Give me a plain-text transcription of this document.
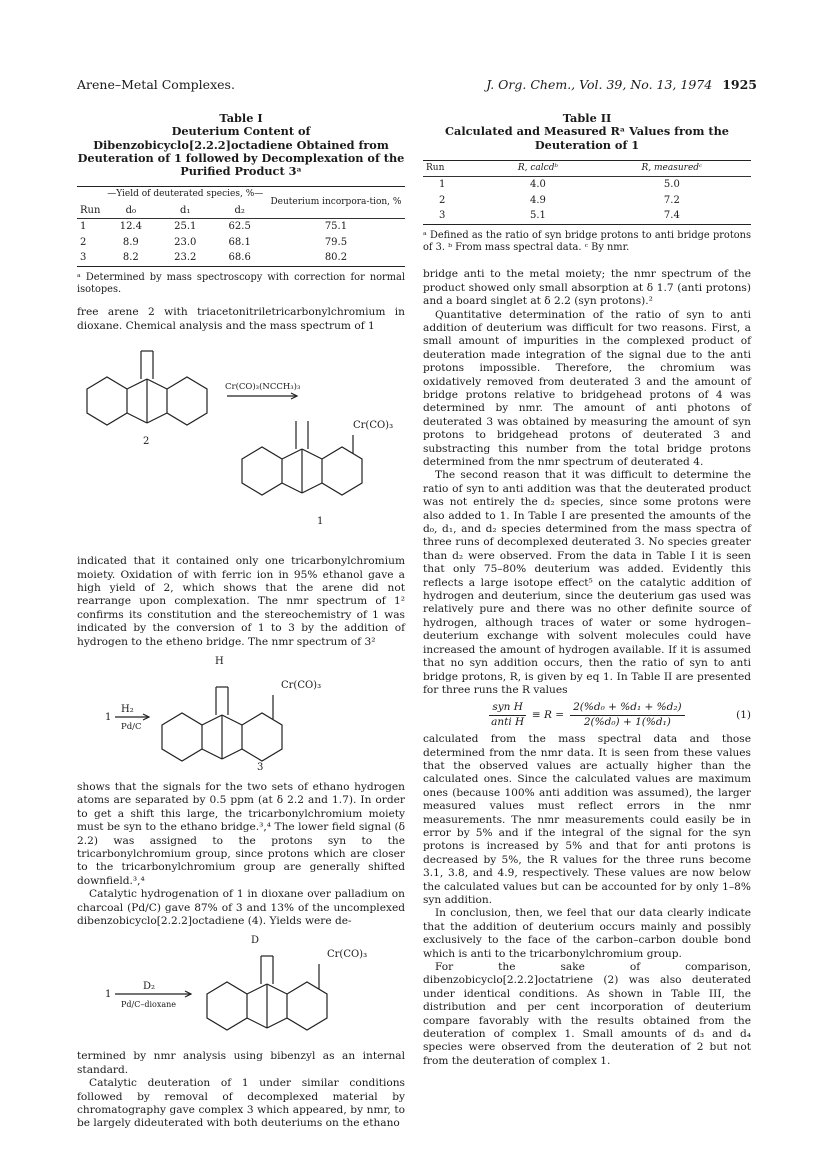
Arene–Metal Complexes.	J. Org. Chem., Vol. 39, No. 13, 1974 1925
Table I
Deuterium Content of Dibenzobicyclo[2.2.2]octadiene Obtained from Deuteration of 1 followed by Decomplexation of the Purified Product 3ᵃ
	—Yield of deuterated species, %—			Deuterium incorpora-tion, %
Run	d₀	d₁	d₂	
1	12.4	25.1	62.5	75.1
2	8.9	23.0	68.1	79.5
3	8.2	23.2	68.6	80.2
ᵃ Determined by mass spectroscopy with correction for normal isotopes.

free arene 2 with triacetonitriletricarbonylchromium in dioxane. Chemical analysis and the mass spectrum of 1

Cr(CO)₃(NCCH₃)₃
Cr(CO)₃
2
1

indicated that it contained only one tricarbonylchromium moiety. Oxidation of with ferric ion in 95% ethanol gave a high yield of 2, which shows that the arene did not rearrange upon complexation. The nmr spectrum of 1² confirms its constitution and the stereochemistry of 1 was indicated by the conversion of 1 to 3 by the addition of hydrogen to the etheno bridge. The nmr spectrum of 3²

H
Cr(CO)₃
H₂
Pd/C
1
3

shows that the signals for the two sets of ethano hydrogen atoms are separated by 0.5 ppm (at δ 2.2 and 1.7). In order to get a shift this large, the tricarbonylchromium moiety must be syn to the ethano bridge.³,⁴ The lower field signal (δ 2.2) was assigned to the protons syn to the tricarbonylchromium group, since protons which are closer to the tricarbonylchromium group are generally shifted downfield.³,⁴

Catalytic hydrogenation of 1 in dioxane over palladium on charcoal (Pd/C) gave 87% of 3 and 13% of the uncomplexed dibenzobicyclo[2.2.2]octadiene (4). Yields were de-

D
Cr(CO)₃
D₂
Pd/C–dioxane
1

termined by nmr analysis using bibenzyl as an internal standard.

Catalytic deuteration of 1 under similar conditions followed by removal of decomplexed material by chromatography gave complex 3 which appeared, by nmr, to be largely dideuterated with both deuteriums on the ethano

Table II
Calculated and Measured Rᵃ Values from the Deuteration of 1
Run	R, calcdᵇ	R, measuredᶜ
1	4.0	5.0
2	4.9	7.2
3	5.1	7.4
ᵃ Defined as the ratio of syn bridge protons to anti bridge protons of 3. ᵇ From mass spectral data. ᶜ By nmr.

bridge anti to the metal moiety; the nmr spectrum of the product showed only small absorption at δ 1.7 (anti protons) and a board singlet at δ 2.2 (syn protons).²

Quantitative determination of the ratio of syn to anti addition of deuterium was difficult for two reasons. First, a small amount of impurities in the complexed product of deuteration made integration of the signal due to the anti protons impossible. Therefore, the chromium was oxidatively removed from deuterated 3 and the amount of bridge protons relative to bridgehead protons of 4 was determined by nmr. The amount of anti photons of deuterated 3 was obtained by measuring the amount of syn protons to bridgehead protons of deuterated 3 and substracting this number from the total bridge protons determined from the nmr spectrum of deuterated 4.

The second reason that it was difficult to determine the ratio of syn to anti addition was that the deuterated product was not entirely the d₂ species, since some protons were also added to 1. In Table I are presented the amounts of the d₀, d₁, and d₂ species determined from the mass spectra of three runs of decomplexed deuterated 3. No species greater than d₂ were observed. From the data in Table I it is seen that only 75–80% deuterium was added. Evidently this reflects a large isotope effect⁵ on the catalytic addition of hydrogen and deuterium, since the deuterium gas used was relatively pure and there was no other definite source of hydrogen, although traces of water or some hydrogen–deuterium exchange with solvent molecules could have increased the amount of hydrogen available. If it is assumed that no syn addition occurs, then the ratio of syn to anti bridge protons, R, is given by eq 1. In Table II are presented for three runs the R values

$\frac{\text{syn H}}{\text{anti H}} \equiv R = \frac{\text{2(\%d₀ + \%d₁ + \%d₂)}}{\text{2(\%d₀) + 1(\%d₁)}}$	(1)

calculated from the mass spectral data and those determined from the nmr data. It is seen from these values that the observed values are actually higher than the calculated ones. Since the calculated values are maximum ones (because 100% anti addition was assumed), the larger measured values must reflect errors in the nmr measurements. The nmr measurements could easily be in error by 5% and if the integral of the signal for the syn protons is increased by 5% and that for anti protons is decreased by 5%, the R values for the three runs become 3.1, 3.8, and 4.9, respectively. These values are now below the calculated values but can be accounted for by only 1–8% syn addition.

In conclusion, then, we feel that our data clearly indicate that the addition of deuterium occurs mainly and possibly exclusively to the face of the carbon–carbon double bond which is anti to the tricarbonylchromium group.

For the sake of comparison, dibenzobicyclo[2.2.2]octatriene (2) was also deuterated under identical conditions. As shown in Table III, the distribution and per cent incorporation of deuterium compare favorably with the results obtained from the deuteration of complex 1. Small amounts of d₃ and d₄ species were observed from the deuteration of 2 but not from the deuteration of complex 1.
